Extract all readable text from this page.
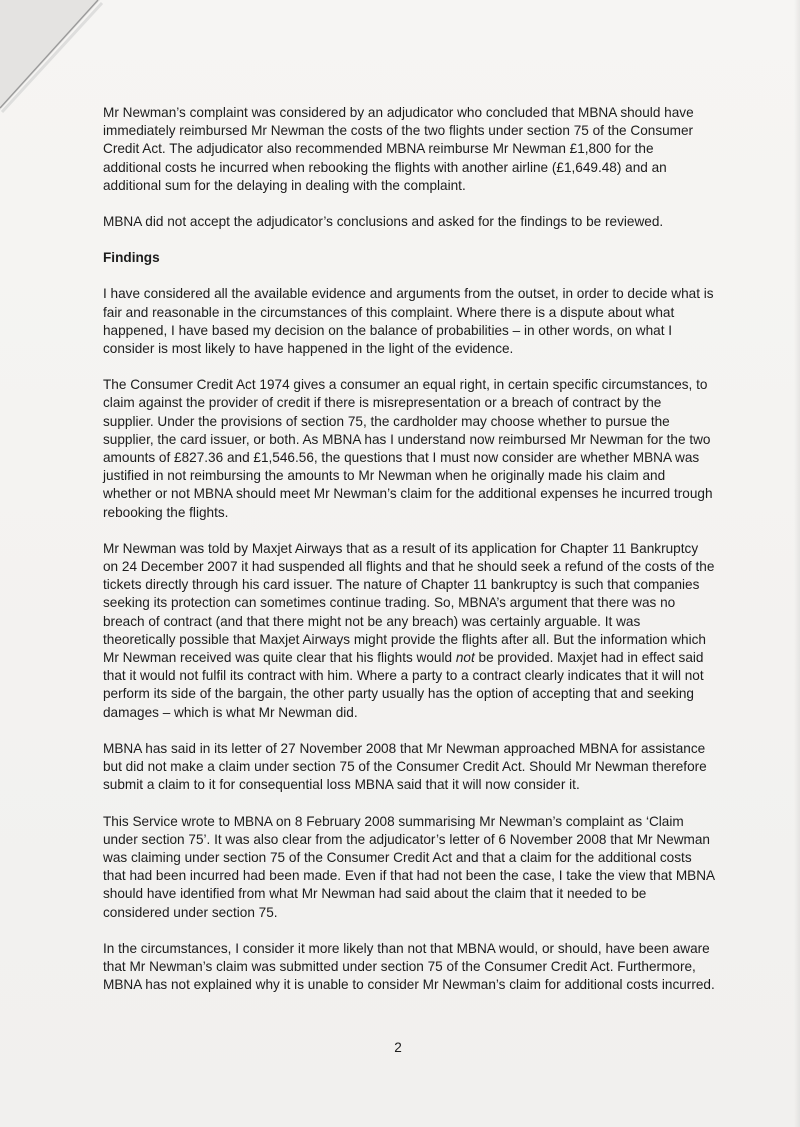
Mr Newman’s complaint was considered by an adjudicator who concluded that MBNA should have immediately reimbursed Mr Newman the costs of the two flights under section 75 of the Consumer Credit Act. The adjudicator also recommended MBNA reimburse Mr Newman £1,800 for the additional costs he incurred when rebooking the flights with another airline (£1,649.48) and an additional sum for the delaying in dealing with the complaint.

MBNA did not accept the adjudicator’s conclusions and asked for the findings to be reviewed.

Findings

I have considered all the available evidence and arguments from the outset, in order to decide what is fair and reasonable in the circumstances of this complaint. Where there is a dispute about what happened, I have based my decision on the balance of probabilities – in other words, on what I consider is most likely to have happened in the light of the evidence.

The Consumer Credit Act 1974 gives a consumer an equal right, in certain specific circumstances, to claim against the provider of credit if there is misrepresentation or a breach of contract by the supplier. Under the provisions of section 75, the cardholder may choose whether to pursue the supplier, the card issuer, or both. As MBNA has I understand now reimbursed Mr Newman for the two amounts of £827.36 and £1,546.56, the questions that I must now consider are whether MBNA was justified in not reimbursing the amounts to Mr Newman when he originally made his claim and whether or not MBNA should meet Mr Newman’s claim for the additional expenses he incurred trough rebooking the flights.

Mr Newman was told by Maxjet Airways that as a result of its application for Chapter 11 Bankruptcy on 24 December 2007 it had suspended all flights and that he should seek a refund of the costs of the tickets directly through his card issuer. The nature of Chapter 11 bankruptcy is such that companies seeking its protection can sometimes continue trading. So, MBNA’s argument that there was no breach of contract (and that there might not be any breach) was certainly arguable. It was theoretically possible that Maxjet Airways might provide the flights after all. But the information which Mr Newman received was quite clear that his flights would not be provided. Maxjet had in effect said that it would not fulfil its contract with him. Where a party to a contract clearly indicates that it will not perform its side of the bargain, the other party usually has the option of accepting that and seeking damages – which is what Mr Newman did.

MBNA has said in its letter of 27 November 2008 that Mr Newman approached MBNA for assistance but did not make a claim under section 75 of the Consumer Credit Act. Should Mr Newman therefore submit a claim to it for consequential loss MBNA said that it will now consider it.

This Service wrote to MBNA on 8 February 2008 summarising Mr Newman’s complaint as ‘Claim under section 75’. It was also clear from the adjudicator’s letter of 6 November 2008 that Mr Newman was claiming under section 75 of the Consumer Credit Act and that a claim for the additional costs that had been incurred had been made. Even if that had not been the case, I take the view that MBNA should have identified from what Mr Newman had said about the claim that it needed to be considered under section 75.

In the circumstances, I consider it more likely than not that MBNA would, or should, have been aware that Mr Newman’s claim was submitted under section 75 of the Consumer Credit Act. Furthermore, MBNA has not explained why it is unable to consider Mr Newman’s claim for additional costs incurred.

2
